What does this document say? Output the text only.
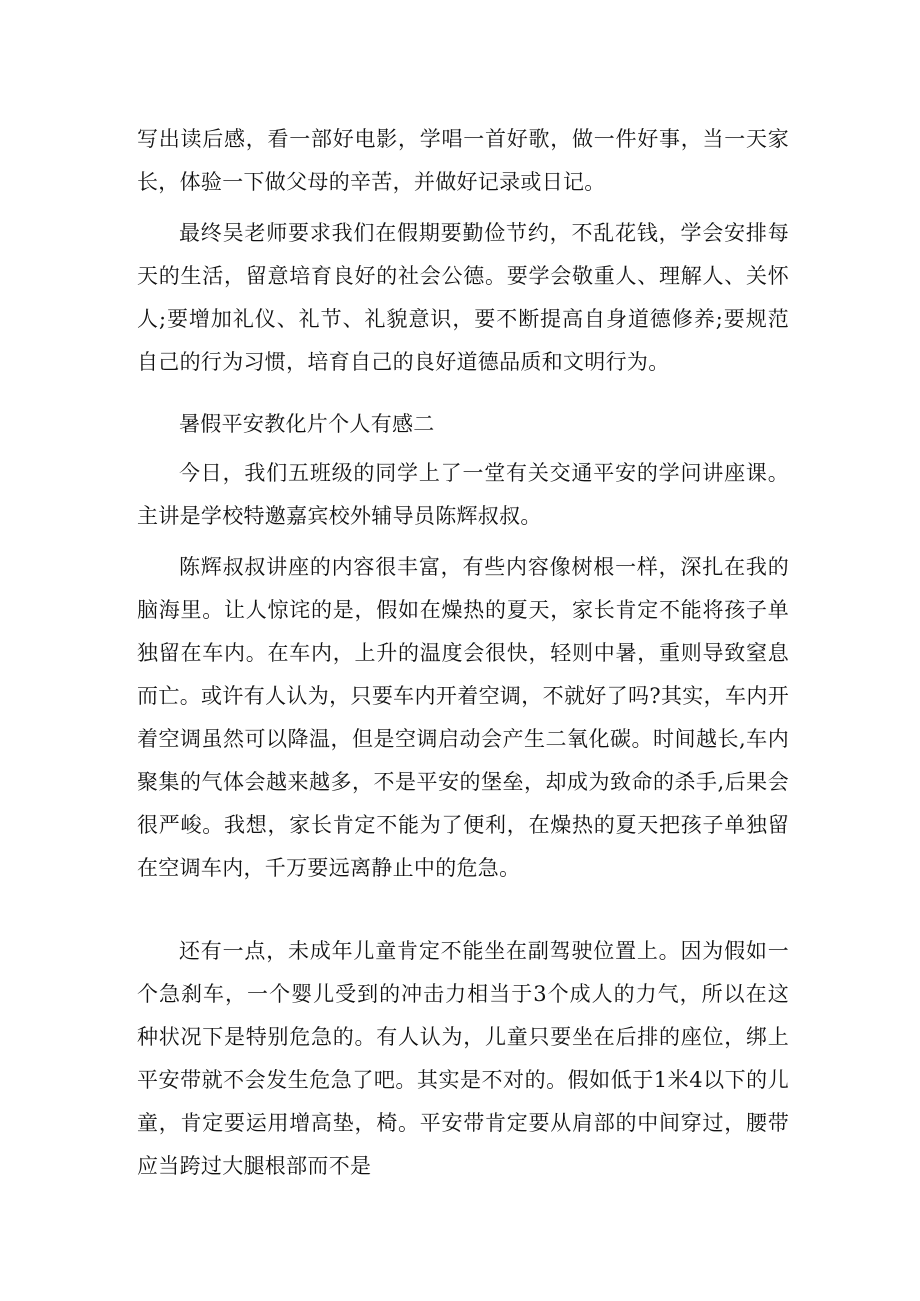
写出读后感，看一部好电影，学唱一首好歌，做一件好事，当一天家长，体验一下做父母的辛苦，并做好记录或日记。

最终吴老师要求我们在假期要勤俭节约，不乱花钱，学会安排每天的生活，留意培育良好的社会公德。要学会敬重人、理解人、关怀人;要增加礼仪、礼节、礼貌意识，要不断提高自身道德修养;要规范自己的行为习惯，培育自己的良好道德品质和文明行为。

暑假平安教化片个人有感二

今日，我们五班级的同学上了一堂有关交通平安的学问讲座课。主讲是学校特邀嘉宾校外辅导员陈辉叔叔。

陈辉叔叔讲座的内容很丰富，有些内容像树根一样，深扎在我的脑海里。让人惊诧的是，假如在燥热的夏天，家长肯定不能将孩子单独留在车内。在车内，上升的温度会很快，轻则中暑，重则导致窒息而亡。或许有人认为，只要车内开着空调，不就好了吗?其实，车内开着空调虽然可以降温，但是空调启动会产生二氧化碳。时间越长,车内聚集的气体会越来越多，不是平安的堡垒，却成为致命的杀手,后果会很严峻。我想，家长肯定不能为了便利，在燥热的夏天把孩子单独留在空调车内，千万要远离静止中的危急。

还有一点，未成年儿童肯定不能坐在副驾驶位置上。因为假如一个急刹车，一个婴儿受到的冲击力相当于3个成人的力气，所以在这种状况下是特别危急的。有人认为，儿童只要坐在后排的座位，绑上平安带就不会发生危急了吧。其实是不对的。假如低于1米4以下的儿童，肯定要运用增高垫，椅。平安带肯定要从肩部的中间穿过，腰带应当跨过大腿根部而不是
